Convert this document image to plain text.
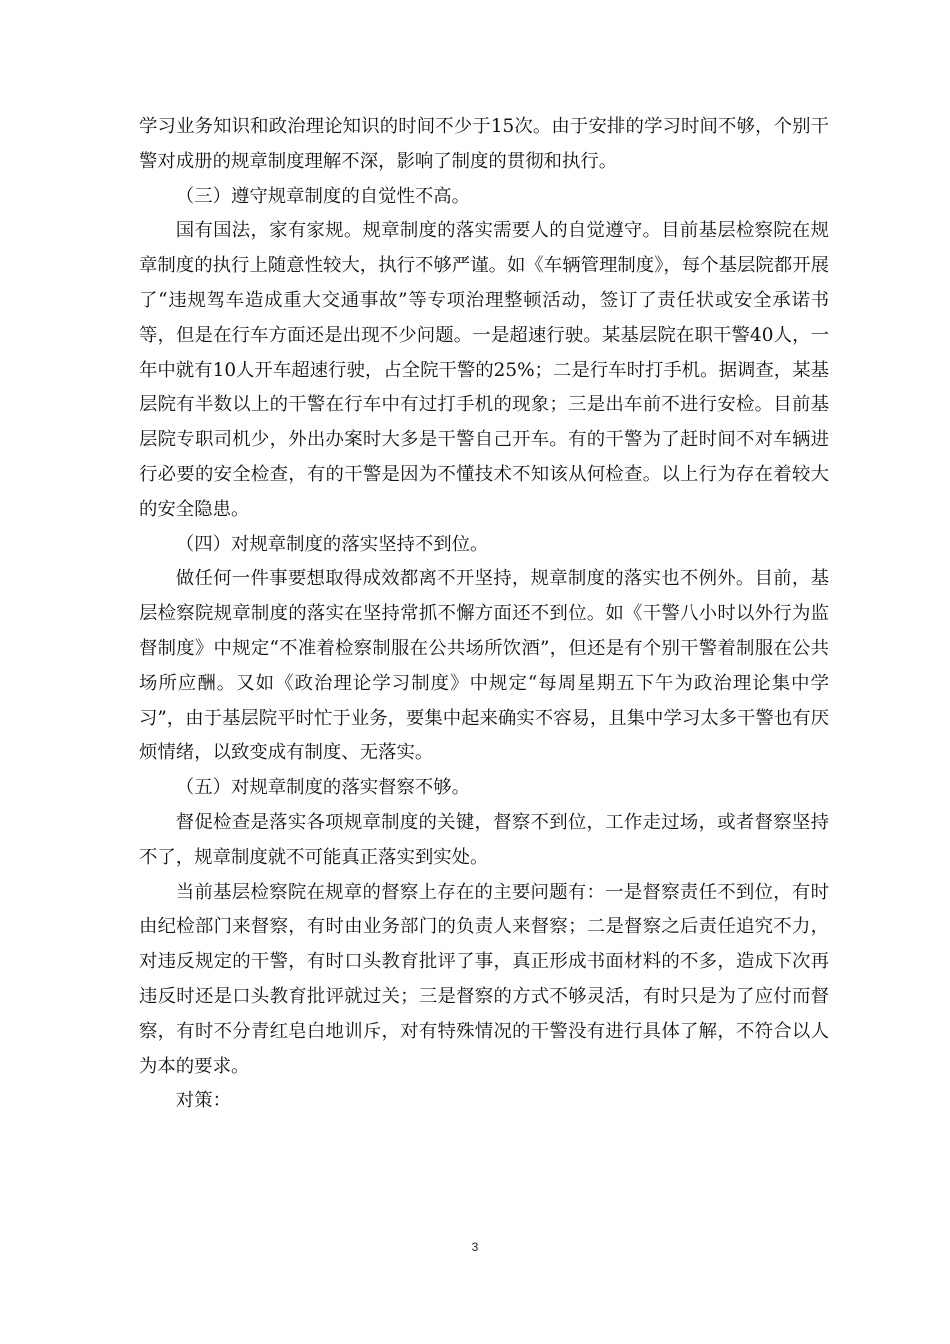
学习业务知识和政治理论知识的时间不少于15次。由于安排的学习时间不够，个别干警对成册的规章制度理解不深，影响了制度的贯彻和执行。

（三）遵守规章制度的自觉性不高。

国有国法，家有家规。规章制度的落实需要人的自觉遵守。目前基层检察院在规章制度的执行上随意性较大，执行不够严谨。如《车辆管理制度》，每个基层院都开展了“违规驾车造成重大交通事故”等专项治理整顿活动，签订了责任状或安全承诺书等，但是在行车方面还是出现不少问题。一是超速行驶。某基层院在职干警40人，一年中就有10人开车超速行驶，占全院干警的25%；二是行车时打手机。据调查，某基层院有半数以上的干警在行车中有过打手机的现象；三是出车前不进行安检。目前基层院专职司机少，外出办案时大多是干警自己开车。有的干警为了赶时间不对车辆进行必要的安全检查，有的干警是因为不懂技术不知该从何检查。以上行为存在着较大的安全隐患。

（四）对规章制度的落实坚持不到位。

做任何一件事要想取得成效都离不开坚持，规章制度的落实也不例外。目前，基层检察院规章制度的落实在坚持常抓不懈方面还不到位。如《干警八小时以外行为监督制度》中规定“不准着检察制服在公共场所饮酒”，但还是有个别干警着制服在公共场所应酬。又如《政治理论学习制度》中规定“每周星期五下午为政治理论集中学习”，由于基层院平时忙于业务，要集中起来确实不容易，且集中学习太多干警也有厌烦情绪，以致变成有制度、无落实。

（五）对规章制度的落实督察不够。

督促检查是落实各项规章制度的关键，督察不到位，工作走过场，或者督察坚持不了，规章制度就不可能真正落实到实处。

当前基层检察院在规章的督察上存在的主要问题有：一是督察责任不到位，有时由纪检部门来督察，有时由业务部门的负责人来督察；二是督察之后责任追究不力，对违反规定的干警，有时口头教育批评了事，真正形成书面材料的不多，造成下次再违反时还是口头教育批评就过关；三是督察的方式不够灵活，有时只是为了应付而督察，有时不分青红皂白地训斥，对有特殊情况的干警没有进行具体了解，不符合以人为本的要求。

对策：

3
